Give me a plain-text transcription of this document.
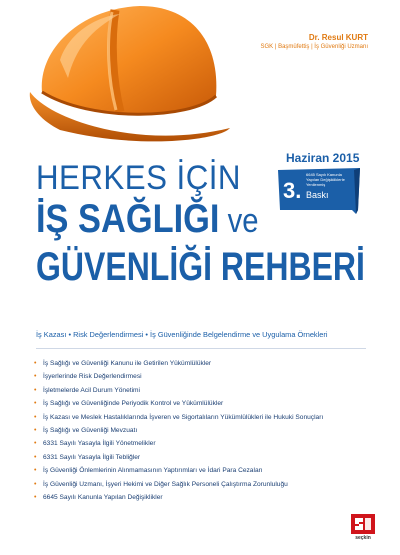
Dr. Resul KURT
SGK | Başmüfettiş | İş Güvenliği Uzmanı
Haziran 2015
3.
6645 Sayılı Kanunla Yapılan Değişikliklerle Yenilenmiş
Baskı
HERKES İÇİN
İŞ SAĞLIĞI ve
GÜVENLİĞİ REHBERİ
İş Kazası • Risk Değerlendirmesi • İş Güvenliğinde Belgelendirme ve Uygulama Örnekleri
• İş Sağlığı ve Güvenliği Kanunu ile Getirilen Yükümlülükler
• İşyerlerinde Risk Değerlendirmesi
• İşletmelerde Acil Durum Yönetimi
• İş Sağlığı ve Güvenliğinde Periyodik Kontrol ve Yükümlülükler
• İş Kazası ve Meslek Hastalıklarında İşveren ve Sigortalıların Yükümlülükleri ile Hukuki Sonuçları
• İş Sağlığı ve Güvenliği Mevzuatı
• 6331 Sayılı Yasayla İlgili Yönetmelikler
• 6331 Sayılı Yasayla İlgili Tebliğler
• İş Güvenliği Önlemlerinin Alınmamasının Yaptırımları ve İdari Para Cezaları
• İş Güvenliği Uzmanı, İşyeri Hekimi ve Diğer Sağlık Personeli Çalıştırma Zorunluluğu
• 6645 Sayılı Kanunla Yapılan Değişiklikler
seçkin
